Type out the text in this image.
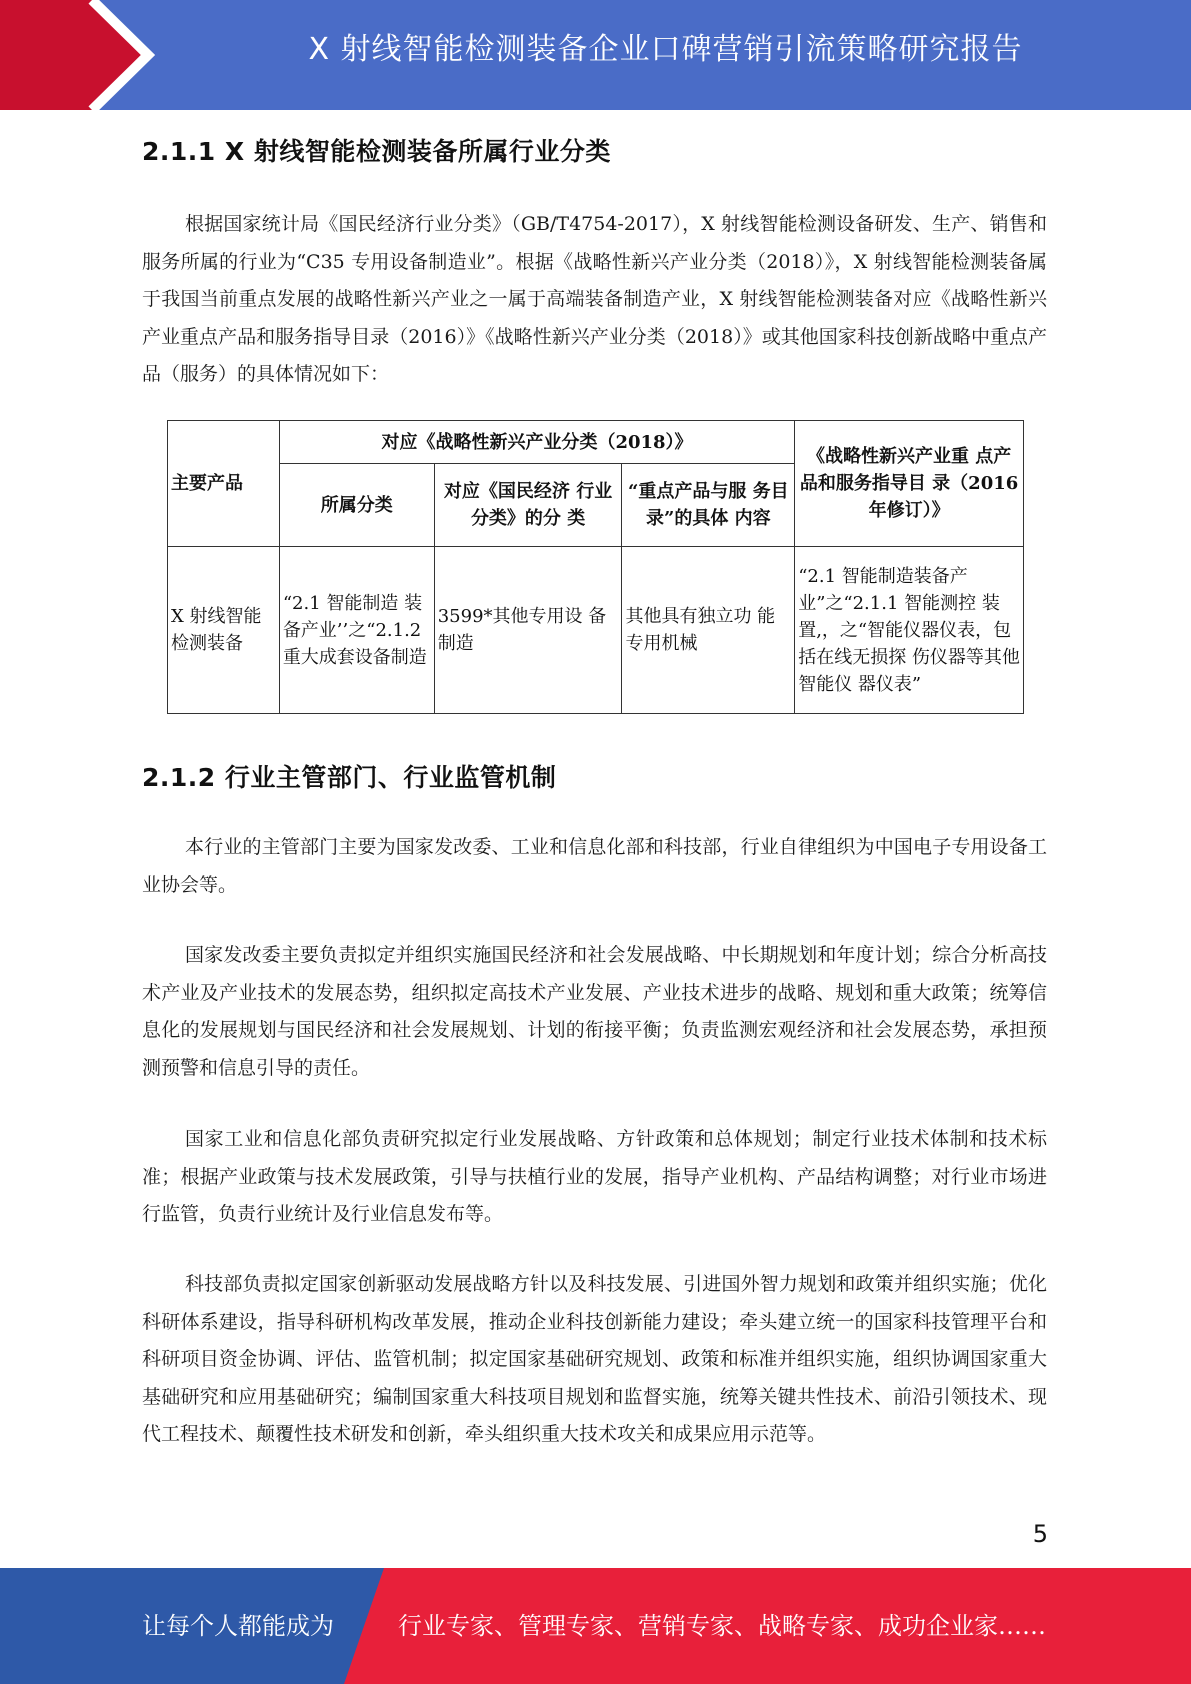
X 射线智能检测装备企业口碑营销引流策略研究报告
2.1.1 X 射线智能检测装备所属行业分类

根据国家统计局《国民经济行业分类》（GB/T4754-2017），X 射线智能检测设备研发、生产、销售和服务所属的行业为“C35 专用设备制造业”。根据《战略性新兴产业分类（2018）》，X 射线智能检测装备属于我国当前重点发展的战略性新兴产业之一属于高端装备制造产业，X 射线智能检测装备对应《战略性新兴产业重点产品和服务指导目录（2016）》《战略性新兴产业分类（2018）》或其他国家科技创新战略中重点产品（服务）的具体情况如下：

主要产品	对应《战略性新兴产业分类（2018）》			《战略性新兴产业重 点产品和服务指导目 录（2016 年修订）》
	所属分类	对应《国民经济 行业分类》的分 类	“重点产品与服 务目录”的具体 内容	
X 射线智能检测装备	“2.1 智能制造 装备产业’’之“2.1.2 重大成套设备制造	3599*其他专用设 备制造	其他具有独立功 能专用机械	“2.1 智能制造装备产 业”之“2.1.1 智能测控 装置,，之“智能仪器仪表，包括在线无损探 伤仪器等其他智能仪 器仪表”
2.1.2 行业主管部门、行业监管机制

本行业的主管部门主要为国家发改委、工业和信息化部和科技部，行业自律组织为中国电子专用设备工业协会等。

国家发改委主要负责拟定并组织实施国民经济和社会发展战略、中长期规划和年度计划；综合分析高技术产业及产业技术的发展态势，组织拟定高技术产业发展、产业技术进步的战略、规划和重大政策；统筹信息化的发展规划与国民经济和社会发展规划、计划的衔接平衡；负责监测宏观经济和社会发展态势，承担预测预警和信息引导的责任。

国家工业和信息化部负责研究拟定行业发展战略、方针政策和总体规划；制定行业技术体制和技术标准；根据产业政策与技术发展政策，引导与扶植行业的发展，指导产业机构、产品结构调整；对行业市场进行监管，负责行业统计及行业信息发布等。

科技部负责拟定国家创新驱动发展战略方针以及科技发展、引进国外智力规划和政策并组织实施；优化科研体系建设，指导科研机构改革发展，推动企业科技创新能力建设；牵头建立统一的国家科技管理平台和科研项目资金协调、评估、监管机制；拟定国家基础研究规划、政策和标准并组织实施，组织协调国家重大基础研究和应用基础研究；编制国家重大科技项目规划和监督实施，统筹关键共性技术、前沿引领技术、现代工程技术、颠覆性技术研发和创新，牵头组织重大技术攻关和成果应用示范等。

5
让每个人都能成为	行业专家、管理专家、营销专家、战略专家、成功企业家……
